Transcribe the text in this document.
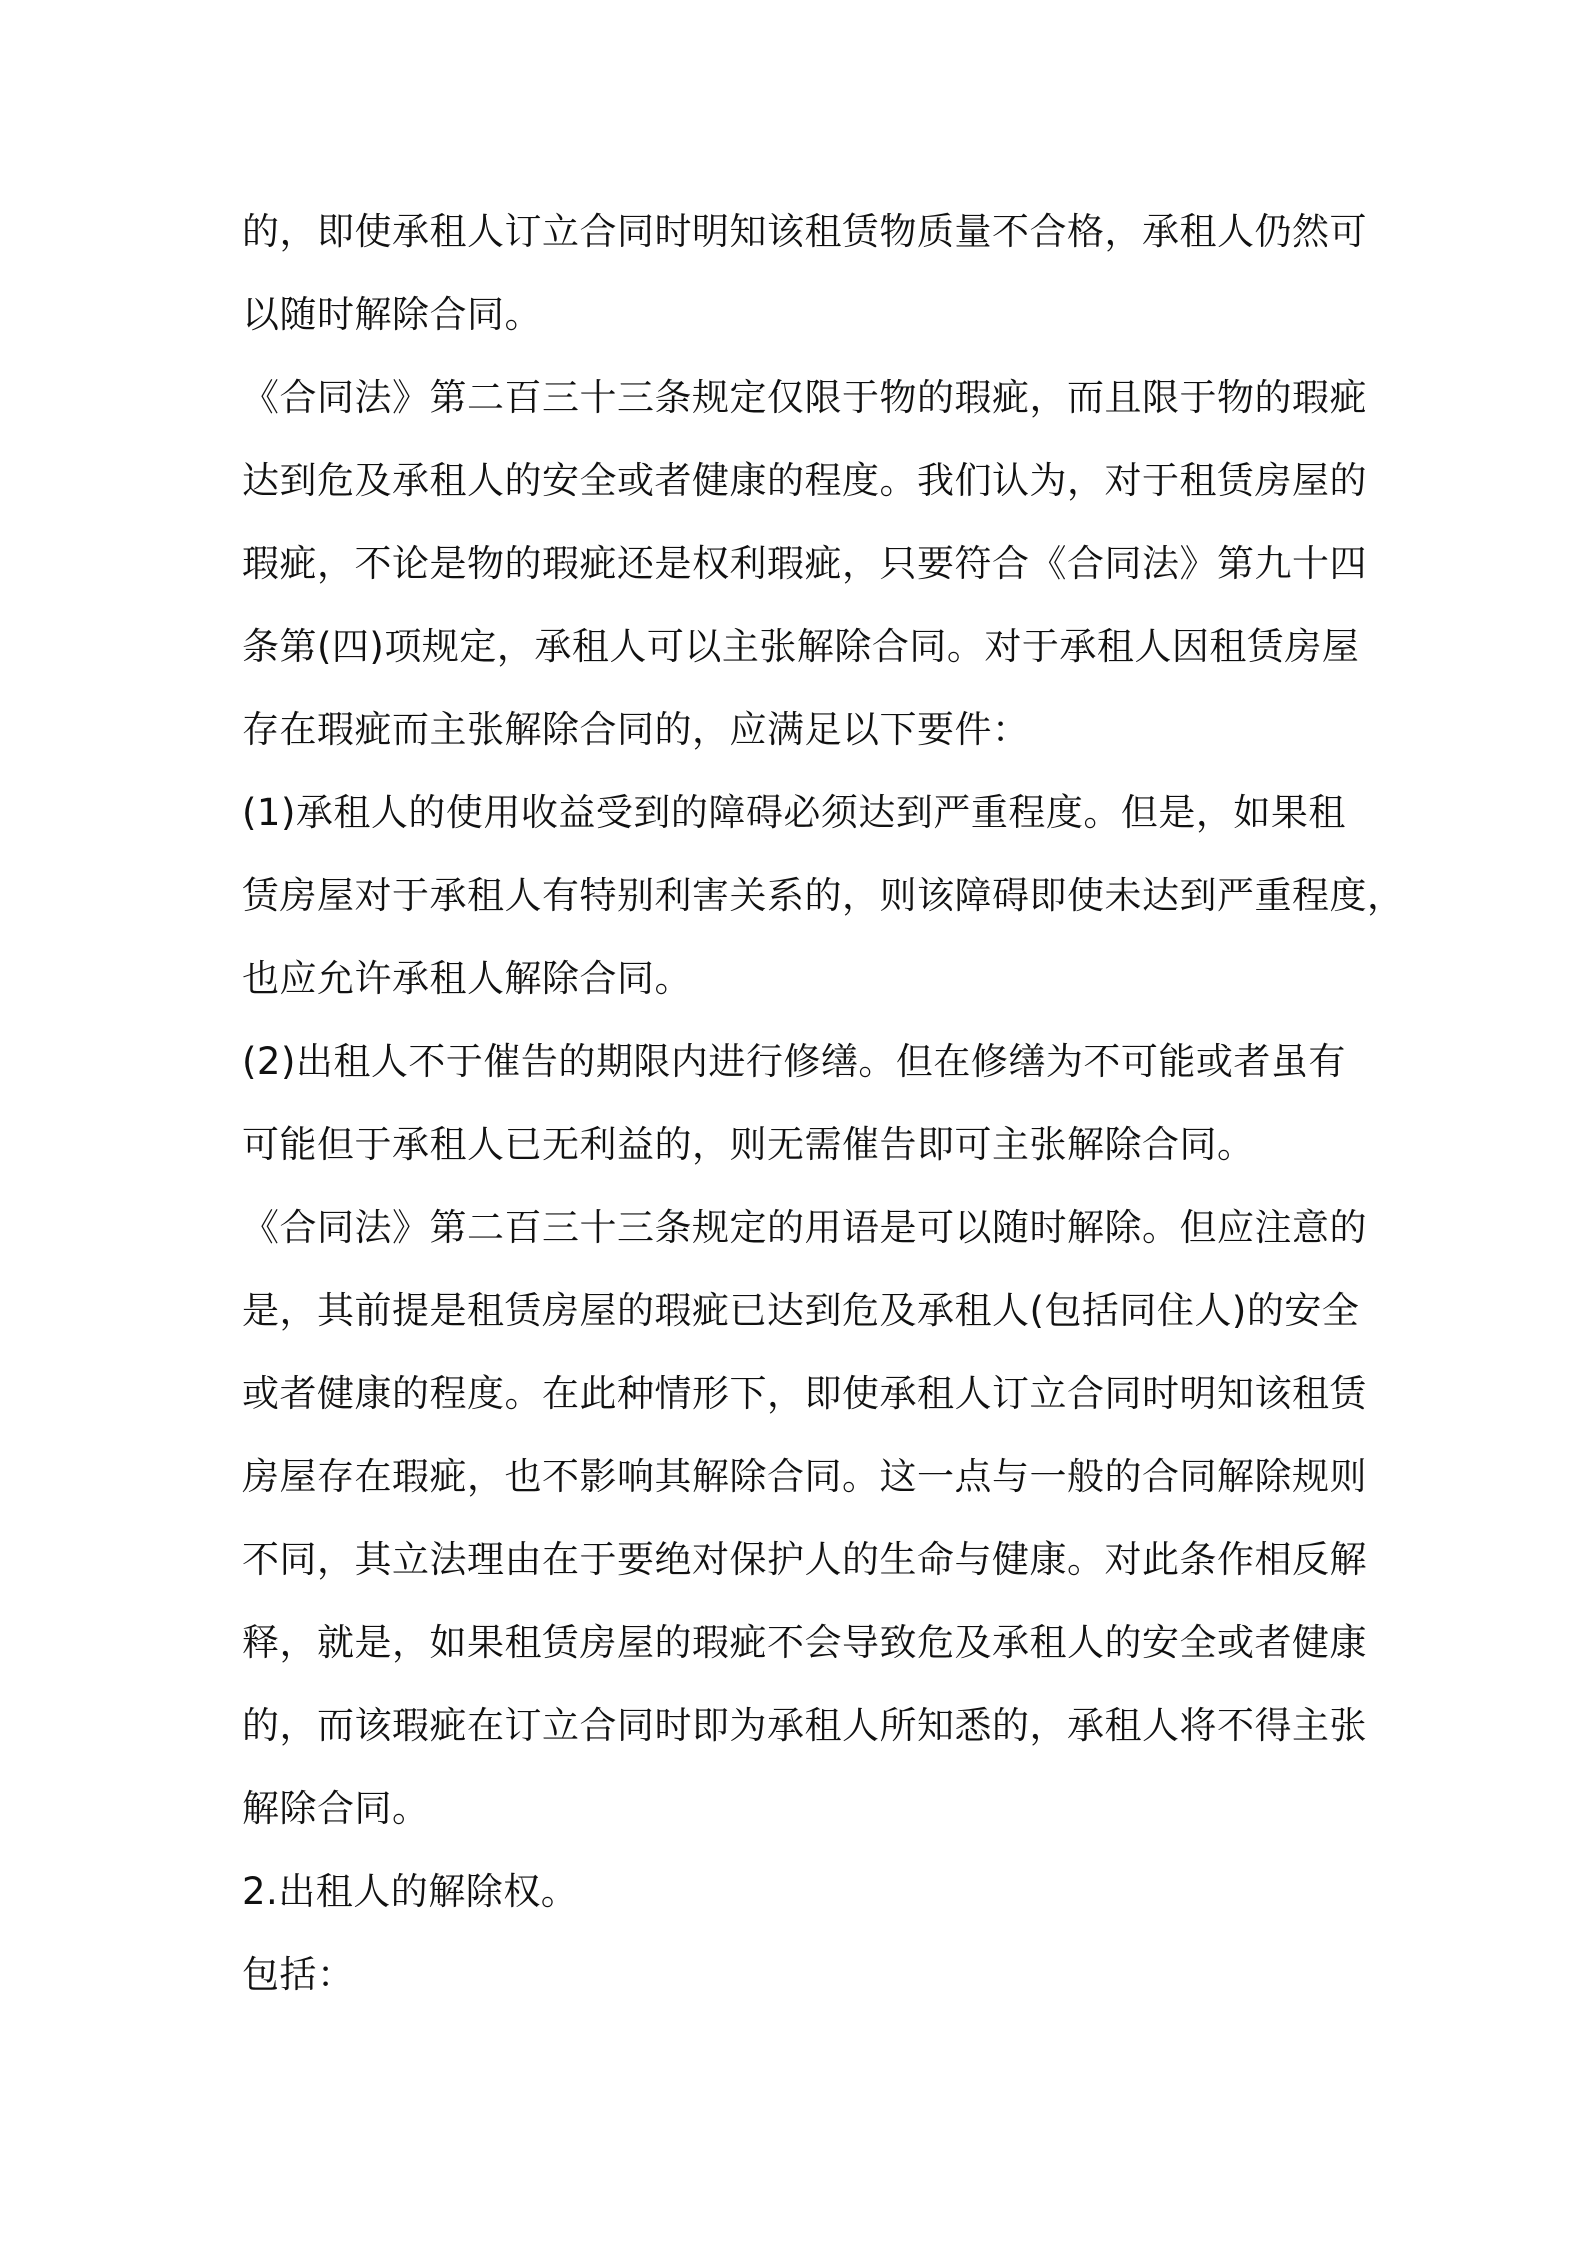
的，即使承租人订立合同时明知该租赁物质量不合格，承租人仍然可
以随时解除合同。
《合同法》第二百三十三条规定仅限于物的瑕疵，而且限于物的瑕疵
达到危及承租人的安全或者健康的程度。我们认为，对于租赁房屋的
瑕疵，不论是物的瑕疵还是权利瑕疵，只要符合《合同法》第九十四
条第(四)项规定，承租人可以主张解除合同。对于承租人因租赁房屋
存在瑕疵而主张解除合同的，应满足以下要件：
(1)承租人的使用收益受到的障碍必须达到严重程度。但是，如果租
赁房屋对于承租人有特别利害关系的，则该障碍即使未达到严重程度，
也应允许承租人解除合同。
(2)出租人不于催告的期限内进行修缮。但在修缮为不可能或者虽有
可能但于承租人已无利益的，则无需催告即可主张解除合同。
《合同法》第二百三十三条规定的用语是可以随时解除。但应注意的
是，其前提是租赁房屋的瑕疵已达到危及承租人(包括同住人)的安全
或者健康的程度。在此种情形下，即使承租人订立合同时明知该租赁
房屋存在瑕疵，也不影响其解除合同。这一点与一般的合同解除规则
不同，其立法理由在于要绝对保护人的生命与健康。对此条作相反解
释，就是，如果租赁房屋的瑕疵不会导致危及承租人的安全或者健康
的，而该瑕疵在订立合同时即为承租人所知悉的，承租人将不得主张
解除合同。
2.出租人的解除权。
包括：
